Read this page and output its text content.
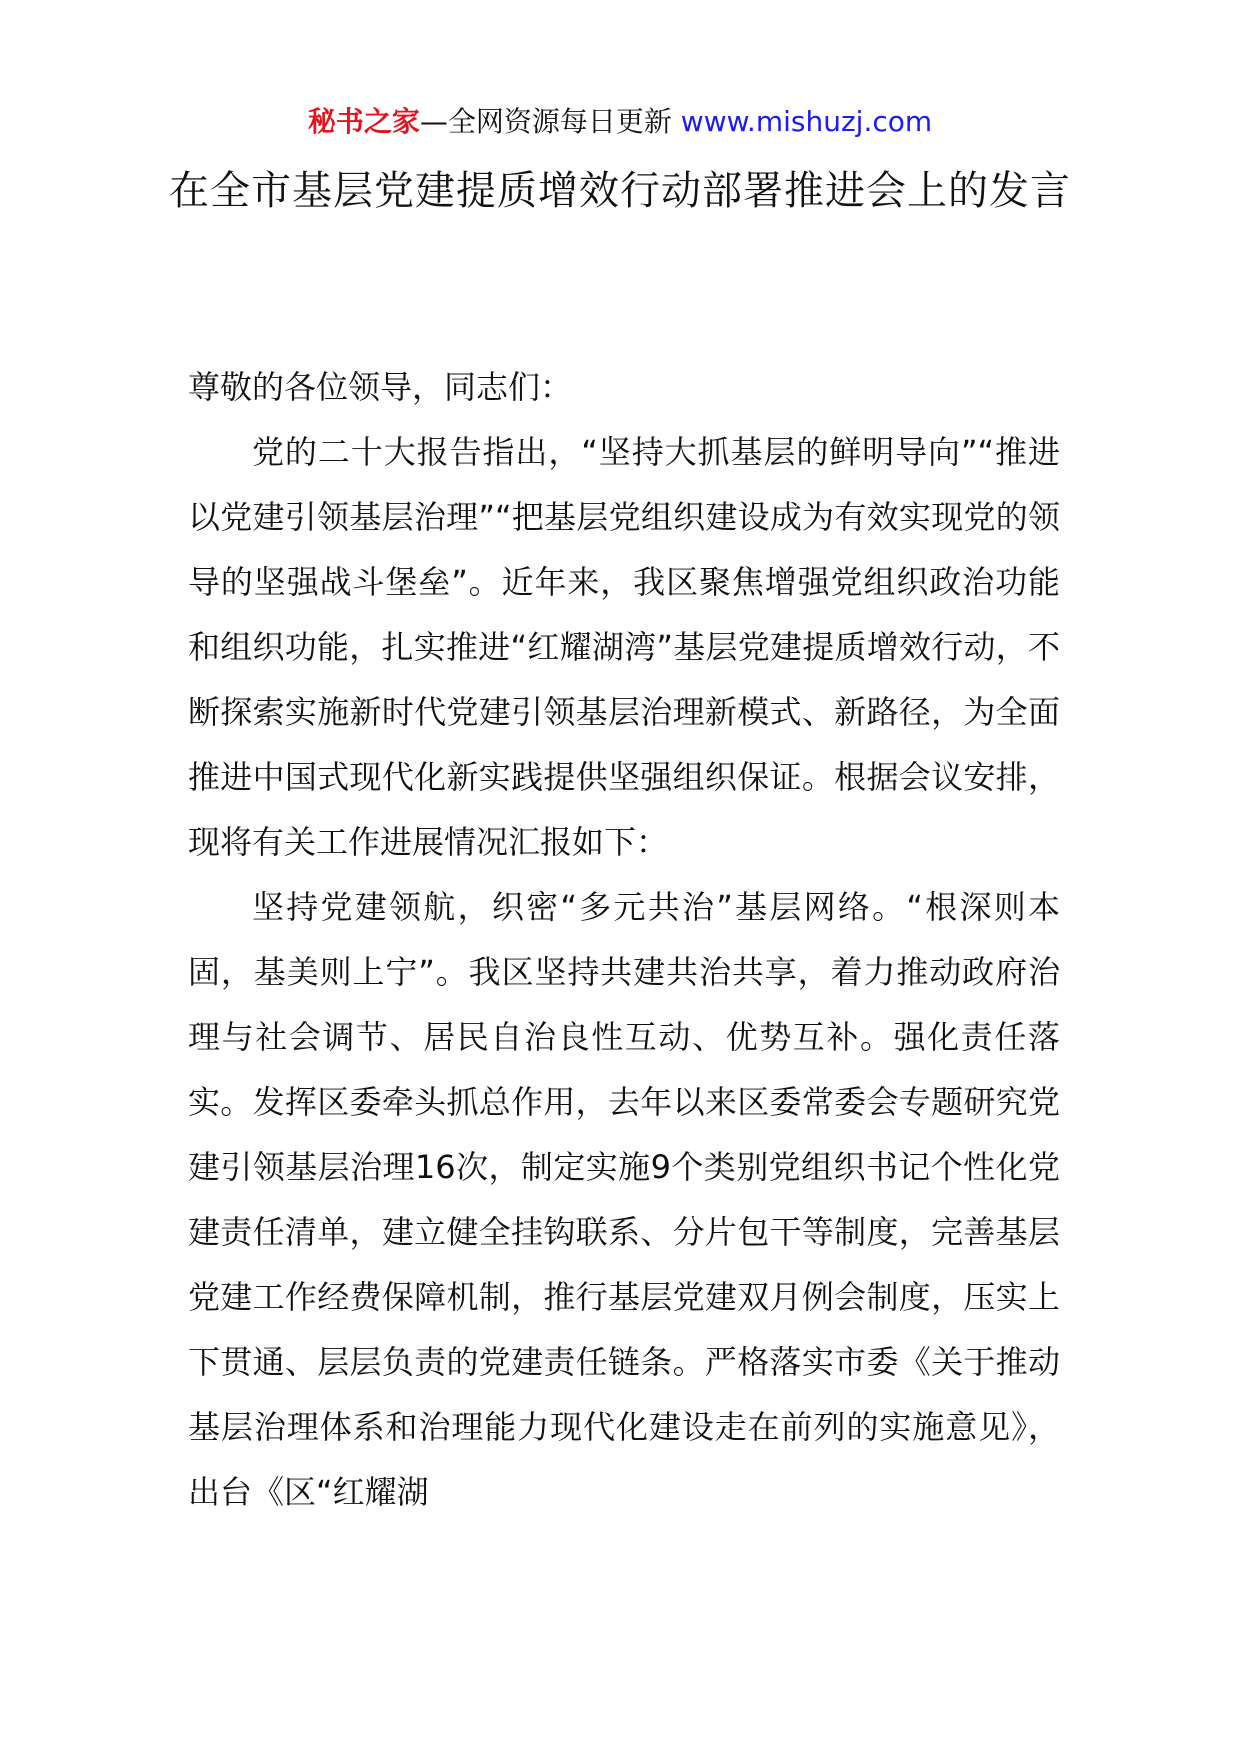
秘书之家—全网资源每日更新 www.mishuzj.com
在全市基层党建提质增效行动部署推进会上的发言

尊敬的各位领导，同志们：

党的二十大报告指出，“坚持大抓基层的鲜明导向”“推进以党建引领基层治理”“把基层党组织建设成为有效实现党的领导的坚强战斗堡垒”。近年来，我区聚焦增强党组织政治功能和组织功能，扎实推进“红耀湖湾”基层党建提质增效行动，不断探索实施新时代党建引领基层治理新模式、新路径，为全面推进中国式现代化新实践提供坚强组织保证。根据会议安排，现将有关工作进展情况汇报如下：

坚持党建领航，织密“多元共治”基层网络。“根深则本固，基美则上宁”。我区坚持共建共治共享，着力推动政府治理与社会调节、居民自治良性互动、优势互补。强化责任落实。发挥区委牵头抓总作用，去年以来区委常委会专题研究党建引领基层治理16次，制定实施9个类别党组织书记个性化党建责任清单，建立健全挂钩联系、分片包干等制度，完善基层党建工作经费保障机制，推行基层党建双月例会制度，压实上下贯通、层层负责的党建责任链条。严格落实市委《关于推动基层治理体系和治理能力现代化建设走在前列的实施意见》，出台《区“红耀湖
